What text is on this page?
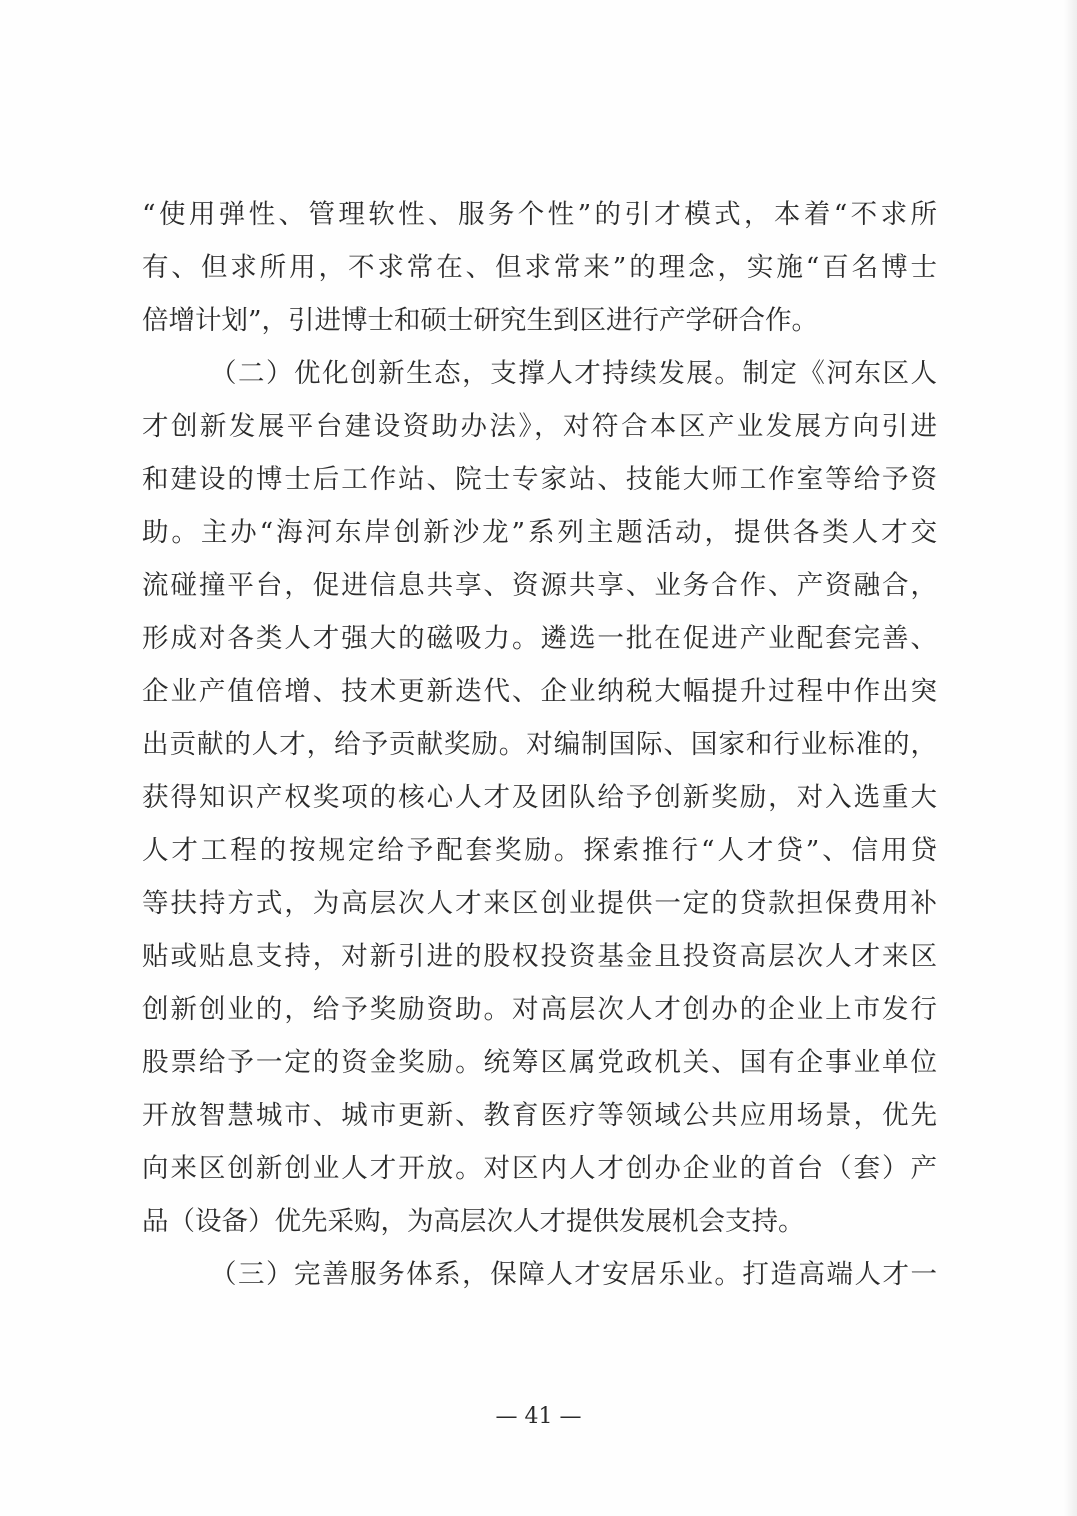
“使用弹性、管理软性、服务个性”的引才模式，本着“不求所
有、但求所用，不求常在、但求常来”的理念，实施“百名博士
倍增计划”，引进博士和硕士研究生到区进行产学研合作。
（二）优化创新生态，支撑人才持续发展。制定《河东区人
才创新发展平台建设资助办法》，对符合本区产业发展方向引进
和建设的博士后工作站、院士专家站、技能大师工作室等给予资
助。主办“海河东岸创新沙龙”系列主题活动，提供各类人才交
流碰撞平台，促进信息共享、资源共享、业务合作、产资融合，
形成对各类人才强大的磁吸力。遴选一批在促进产业配套完善、
企业产值倍增、技术更新迭代、企业纳税大幅提升过程中作出突
出贡献的人才，给予贡献奖励。对编制国际、国家和行业标准的，
获得知识产权奖项的核心人才及团队给予创新奖励，对入选重大
人才工程的按规定给予配套奖励。探索推行“人才贷”、信用贷
等扶持方式，为高层次人才来区创业提供一定的贷款担保费用补
贴或贴息支持，对新引进的股权投资基金且投资高层次人才来区
创新创业的，给予奖励资助。对高层次人才创办的企业上市发行
股票给予一定的资金奖励。统筹区属党政机关、国有企事业单位
开放智慧城市、城市更新、教育医疗等领域公共应用场景，优先
向来区创新创业人才开放。对区内人才创办企业的首台（套）产
品（设备）优先采购，为高层次人才提供发展机会支持。
（三）完善服务体系，保障人才安居乐业。打造高端人才一
— 41 —
